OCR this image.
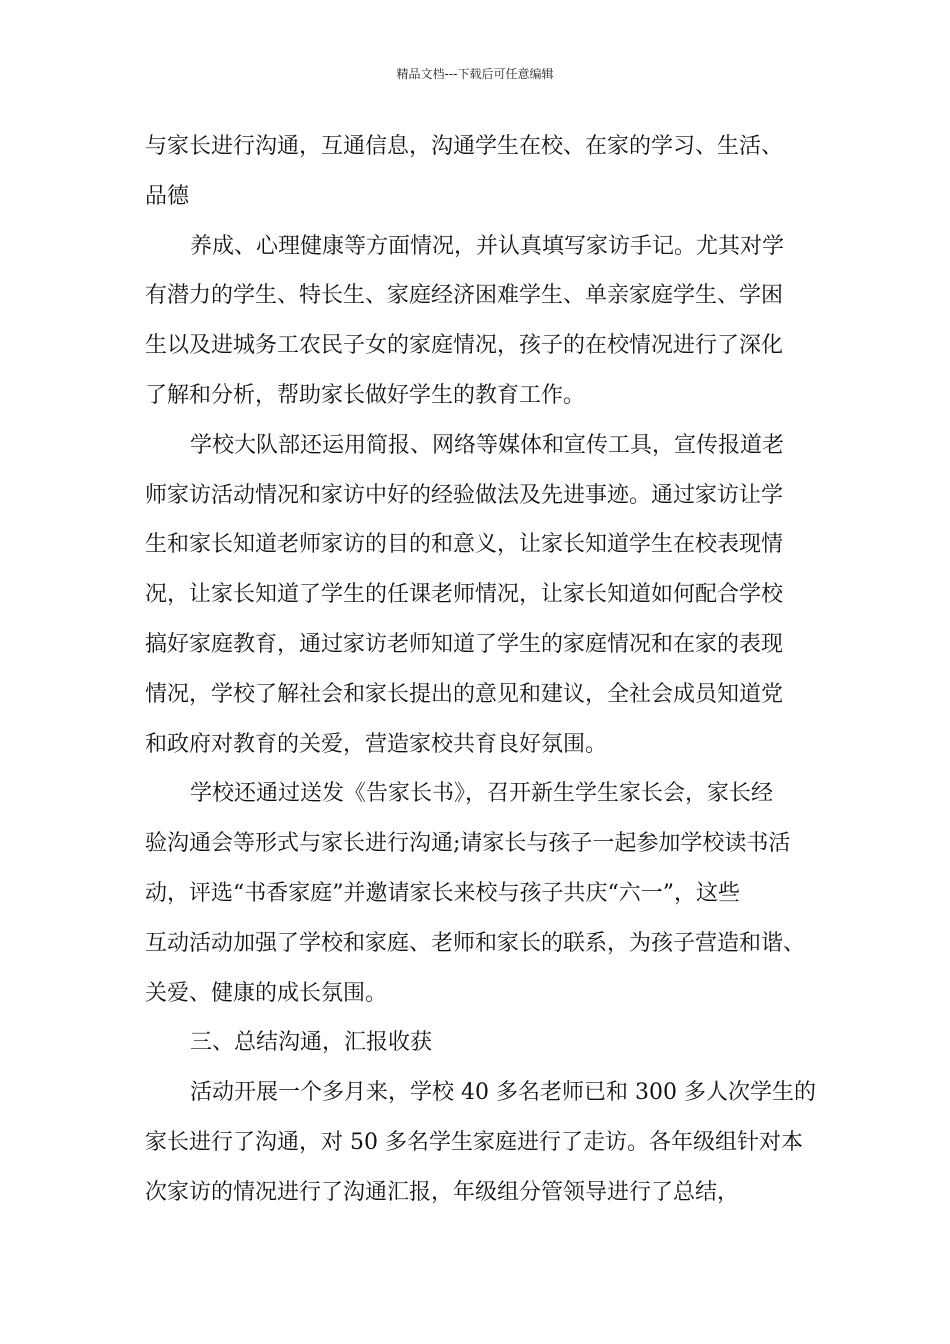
精品文档---下载后可任意编辑

与家长进行沟通，互通信息，沟通学生在校、在家的学习、生活、

品德

养成、心理健康等方面情况，并认真填写家访手记。尤其对学

有潜力的学生、特长生、家庭经济困难学生、单亲家庭学生、学困

生以及进城务工农民子女的家庭情况，孩子的在校情况进行了深化

了解和分析，帮助家长做好学生的教育工作。

学校大队部还运用简报、网络等媒体和宣传工具，宣传报道老

师家访活动情况和家访中好的经验做法及先进事迹。通过家访让学

生和家长知道老师家访的目的和意义，让家长知道学生在校表现情

况，让家长知道了学生的任课老师情况，让家长知道如何配合学校

搞好家庭教育，通过家访老师知道了学生的家庭情况和在家的表现

情况，学校了解社会和家长提出的意见和建议，全社会成员知道党

和政府对教育的关爱，营造家校共育良好氛围。

学校还通过送发《告家长书》，召开新生学生家长会，家长经

验沟通会等形式与家长进行沟通;请家长与孩子一起参加学校读书活

动，评选“书香家庭”并邀请家长来校与孩子共庆“六一”，这些

互动活动加强了学校和家庭、老师和家长的联系，为孩子营造和谐、

关爱、健康的成长氛围。

三、总结沟通，汇报收获

活动开展一个多月来，学校 40 多名老师已和 300 多人次学生的

家长进行了沟通，对 50 多名学生家庭进行了走访。各年级组针对本

次家访的情况进行了沟通汇报，年级组分管领导进行了总结，
